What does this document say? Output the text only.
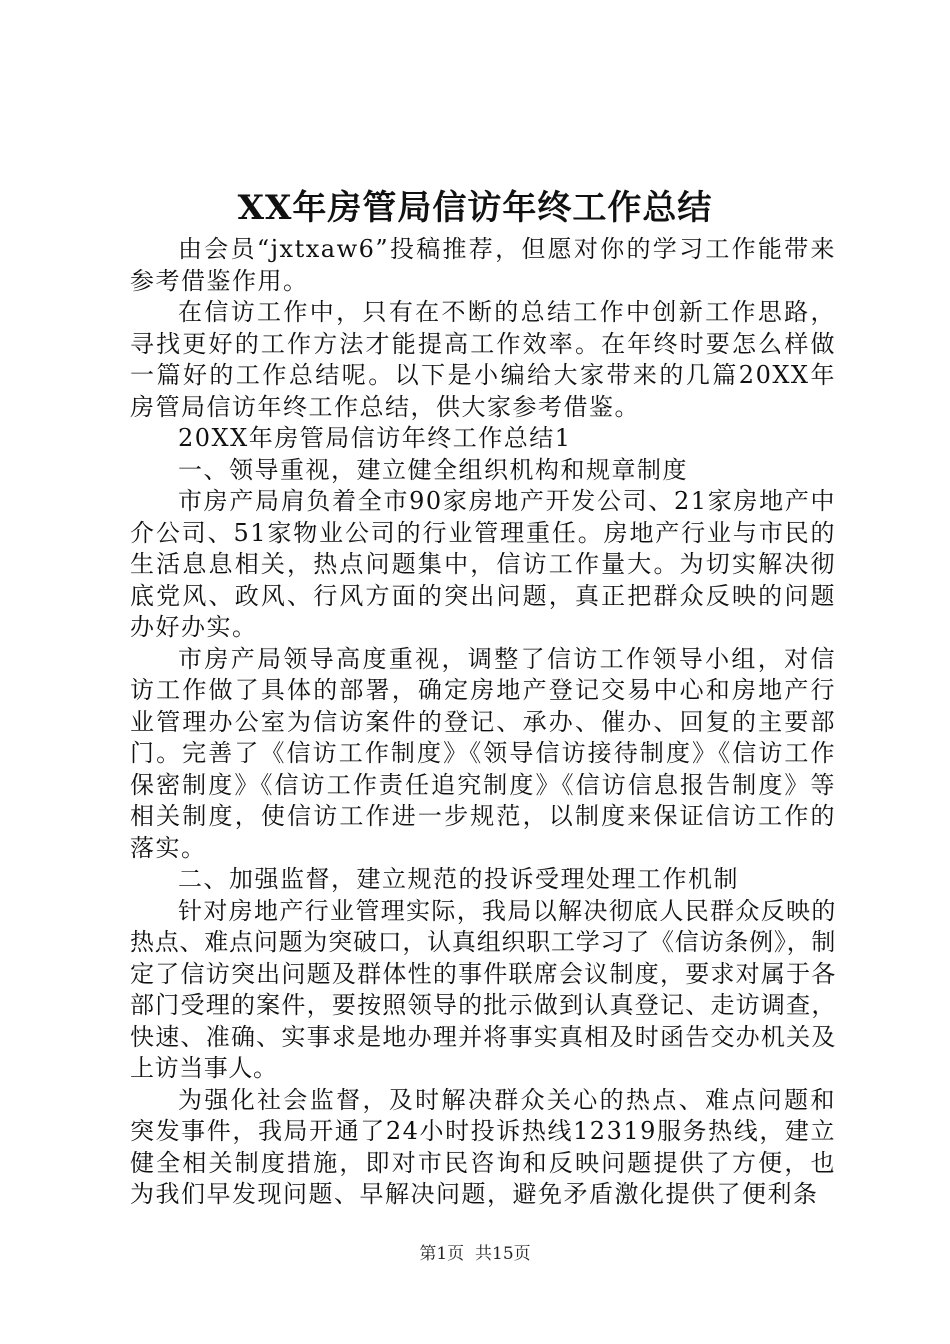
XX年房管局信访年终工作总结

由会员“jxtxaw6”投稿推荐，但愿对你的学习工作能带来参考借鉴作用。

在信访工作中，只有在不断的总结工作中创新工作思路，寻找更好的工作方法才能提高工作效率。在年终时要怎么样做一篇好的工作总结呢。以下是小编给大家带来的几篇20XX年房管局信访年终工作总结，供大家参考借鉴。

20XX年房管局信访年终工作总结1

一、领导重视，建立健全组织机构和规章制度

市房产局肩负着全市90家房地产开发公司、21家房地产中介公司、51家物业公司的行业管理重任。房地产行业与市民的生活息息相关，热点问题集中，信访工作量大。为切实解决彻底党风、政风、行风方面的突出问题，真正把群众反映的问题办好办实。

市房产局领导高度重视，调整了信访工作领导小组，对信访工作做了具体的部署，确定房地产登记交易中心和房地产行业管理办公室为信访案件的登记、承办、催办、回复的主要部门。完善了《信访工作制度》《领导信访接待制度》《信访工作保密制度》《信访工作责任追究制度》《信访信息报告制度》等相关制度，使信访工作进一步规范，以制度来保证信访工作的落实。

二、加强监督，建立规范的投诉受理处理工作机制

针对房地产行业管理实际，我局以解决彻底人民群众反映的热点、难点问题为突破口，认真组织职工学习了《信访条例》，制定了信访突出问题及群体性的事件联席会议制度，要求对属于各部门受理的案件，要按照领导的批示做到认真登记、走访调查，快速、准确、实事求是地办理并将事实真相及时函告交办机关及上访当事人。

为强化社会监督，及时解决群众关心的热点、难点问题和突发事件，我局开通了24小时投诉热线12319服务热线，建立健全相关制度措施，即对市民咨询和反映问题提供了方便，也为我们早发现问题、早解决问题，避免矛盾激化提供了便利条

第1页 共15页
